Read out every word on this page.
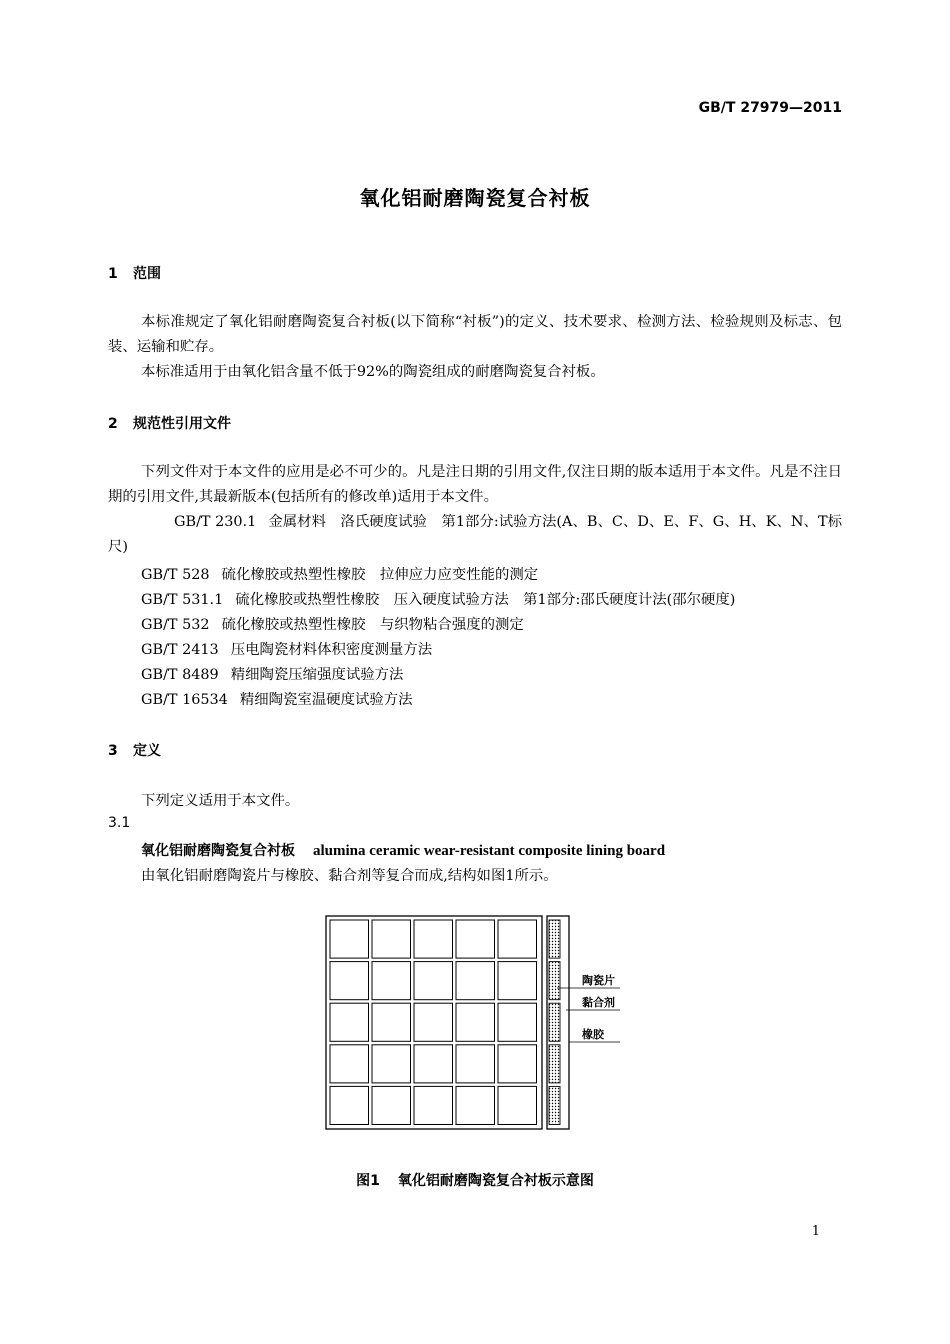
GB/T 27979—2011
氧化铝耐磨陶瓷复合衬板
1 范围
本标准规定了氧化铝耐磨陶瓷复合衬板(以下简称“衬板”)的定义、技术要求、检测方法、检验规则及标志、包装、运输和贮存。
本标准适用于由氧化铝含量不低于92%的陶瓷组成的耐磨陶瓷复合衬板。
2 规范性引用文件
下列文件对于本文件的应用是必不可少的。凡是注日期的引用文件,仅注日期的版本适用于本文件。凡是不注日期的引用文件,其最新版本(包括所有的修改单)适用于本文件。
GB/T 230.1 金属材料　洛氏硬度试验　第1部分:试验方法(A、B、C、D、E、F、G、H、K、N、T标尺)
GB/T 528 硫化橡胶或热塑性橡胶　拉伸应力应变性能的测定
GB/T 531.1 硫化橡胶或热塑性橡胶　压入硬度试验方法　第1部分:邵氏硬度计法(邵尔硬度)
GB/T 532 硫化橡胶或热塑性橡胶　与织物粘合强度的测定
GB/T 2413 压电陶瓷材料体积密度测量方法
GB/T 8489 精细陶瓷压缩强度试验方法
GB/T 16534 精细陶瓷室温硬度试验方法
3 定义
下列定义适用于本文件。
3.1
氧化铝耐磨陶瓷复合衬板 alumina ceramic wear-resistant composite lining board
由氧化铝耐磨陶瓷片与橡胶、黏合剂等复合而成,结构如图1所示。
陶瓷片
黏合剂
橡胶
图1 氧化铝耐磨陶瓷复合衬板示意图
1
